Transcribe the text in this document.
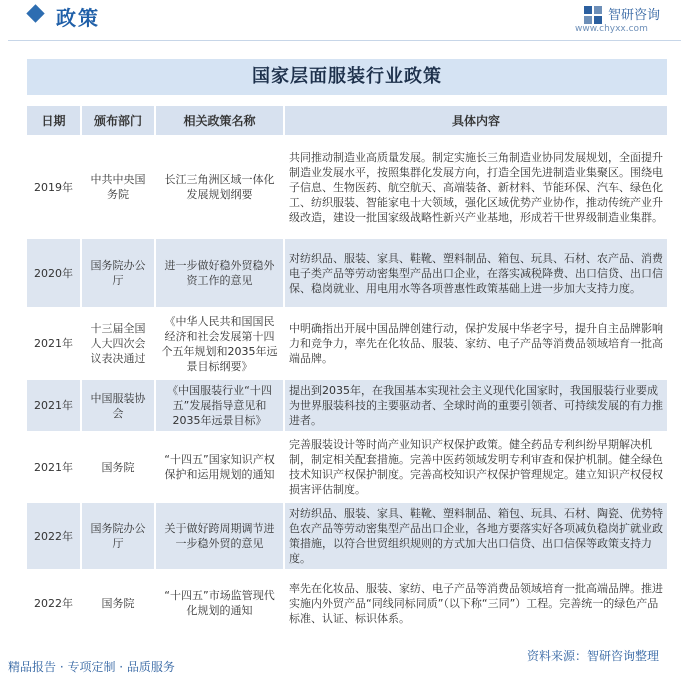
政策	智研咨询
www.chyxx.com
国家层面服装行业政策
日期	颁布部门	相关政策名称	具体内容
2019年	中共中央国务院	长江三角洲区域一体化发展规划纲要	共同推动制造业高质量发展。制定实施长三角制造业协同发展规划，全面提升制造业发展水平，按照集群化发展方向，打造全国先进制造业集聚区。围绕电子信息、生物医药、航空航天、高端装备、新材料、节能环保、汽车、绿色化工、纺织服装、智能家电十大领域，强化区域优势产业协作，推动传统产业升级改造，建设一批国家级战略性新兴产业基地，形成若干世界级制造业集群。
2020年	国务院办公厅	进一步做好稳外贸稳外资工作的意见	对纺织品、服装、家具、鞋靴、塑料制品、箱包、玩具、石材、农产品、消费电子类产品等劳动密集型产品出口企业，在落实减税降费、出口信贷、出口信保、稳岗就业、用电用水等各项普惠性政策基础上进一步加大支持力度。
2021年	十三届全国人大四次会议表决通过	《中华人民共和国国民经济和社会发展第十四个五年规划和2035年远景目标纲要》	中明确指出开展中国品牌创建行动，保护发展中华老字号，提升自主品牌影响力和竞争力，率先在化妆品、服装、家纺、电子产品等消费品领域培育一批高端品牌。
2021年	中国服装协会	《中国服装行业“十四五”发展指导意见和2035年远景目标》	提出到2035年，在我国基本实现社会主义现代化国家时，我国服装行业要成为世界服装科技的主要驱动者、全球时尚的重要引领者、可持续发展的有力推进者。
2021年	国务院	“十四五”国家知识产权保护和运用规划的通知	完善服装设计等时尚产业知识产权保护政策。健全药品专利纠纷早期解决机制，制定相关配套措施。完善中医药领域发明专利审查和保护机制。健全绿色技术知识产权保护制度。完善高校知识产权保护管理规定。建立知识产权侵权损害评估制度。
2022年	国务院办公厅	关于做好跨周期调节进一步稳外贸的意见	对纺织品、服装、家具、鞋靴、塑料制品、箱包、玩具、石材、陶瓷、优势特色农产品等劳动密集型产品出口企业，各地方要落实好各项减负稳岗扩就业政策措施，以符合世贸组织规则的方式加大出口信贷、出口信保等政策支持力度。
2022年	国务院	“十四五”市场监管现代化规划的通知	率先在化妆品、服装、家纺、电子产品等消费品领域培育一批高端品牌。推进实施内外贸产品“同线同标同质”（以下称“三同”）工程。完善统一的绿色产品标准、认证、标识体系。
资料来源：智研咨询整理
精品报告 · 专项定制 · 品质服务
